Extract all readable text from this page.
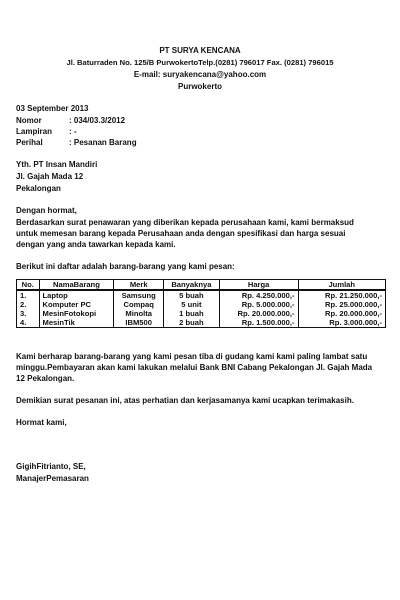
PT SURYA KENCANA
Jl. Baturraden No. 125/B PurwokertoTelp.(0281) 796017 Fax. (0281) 796015
E-mail: suryakencana@yahoo.com
Purwokerto
03 September 2013
Nomor	: 034/03.3/2012
Lampiran : -
Perihal	: Pesanan Barang
Yth. PT Insan Mandiri
Jl. Gajah Mada 12
Pekalongan
Dengan hormat,
Berdasarkan surat penawaran yang diberikan kepada perusahaan kami, kami bermaksud
untuk memesan barang kepada Perusahaan anda dengan spesifikasi dan harga sesuai
dengan yang anda tawarkan kepada kami.
Berikut ini daftar adalah barang-barang yang kami pesan:
No.	NamaBarang	Merk	Banyaknya	Harga	Jumlah
1.	Laptop	Samsung	5 buah	Rp. 4.250.000,-	Rp. 21.250.000,-
2.	Komputer PC	Compaq	5 unit	Rp. 5.000.000,-	Rp. 25.000.000,-
3.	MesinFotokopi	Minolta	1 buah	Rp. 20.000.000,-	Rp. 20.000.000,-
4.	MesinTik	IBM500	2 buah	Rp. 1.500.000,-	Rp. 3.000.000,-
Kami berharap barang-barang yang kami pesan tiba di gudang kami kami paling lambat satu
minggu.Pembayaran akan kami lakukan melalui Bank BNI Cabang Pekalongan Jl. Gajah Mada
12 Pekalongan.
Demikian surat pesanan ini, atas perhatian dan kerjasamanya kami ucapkan terimakasih.
Hormat kami,
GigihFitrianto, SE,
ManajerPemasaran
